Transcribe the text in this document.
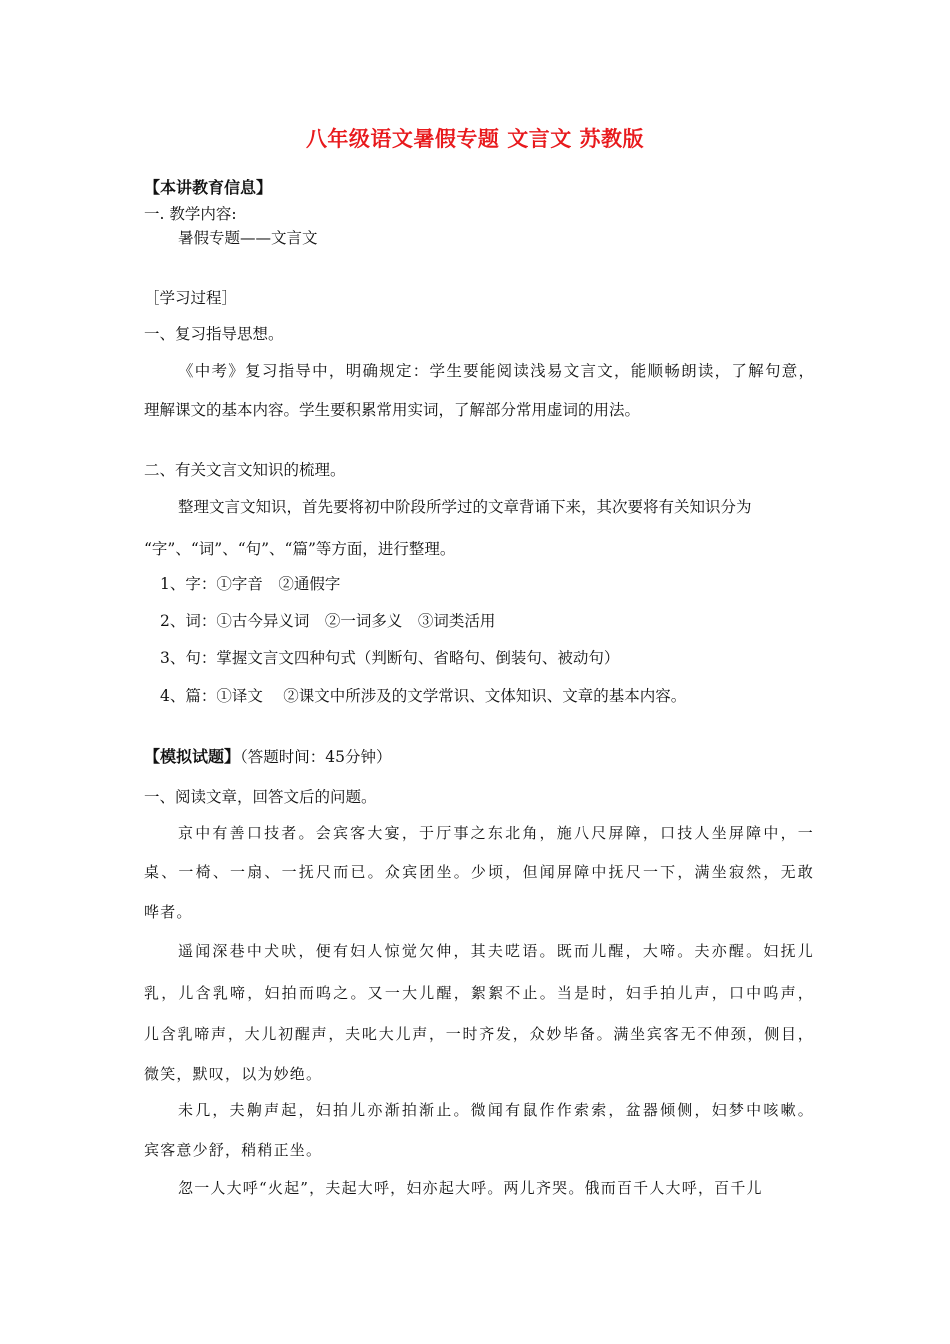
八年级语文暑假专题 文言文 苏教版
【本讲教育信息】
一. 教学内容:
暑假专题——文言文
［学习过程］
一、复习指导思想。
《中考》复习指导中，明确规定：学生要能阅读浅易文言文，能顺畅朗读，了解句意，
理解课文的基本内容。学生要积累常用实词，了解部分常用虚词的用法。
二、有关文言文知识的梳理。
整理文言文知识，首先要将初中阶段所学过的文章背诵下来，其次要将有关知识分为
“字”、“词”、“句”、“篇”等方面，进行整理。
1、字：①字音　②通假字
2、词：①古今异义词　②一词多义　③词类活用
3、句：掌握文言文四种句式（判断句、省略句、倒装句、被动句）
4、篇：①译文　 ②课文中所涉及的文学常识、文体知识、文章的基本内容。
【模拟试题】（答题时间：45分钟）
一、阅读文章，回答文后的问题。
京中有善口技者。会宾客大宴，于厅事之东北角，施八尺屏障，口技人坐屏障中，一
桌、一椅、一扇、一抚尺而已。众宾团坐。少顷，但闻屏障中抚尺一下，满坐寂然，无敢
哗者。
遥闻深巷中犬吠，便有妇人惊觉欠伸，其夫呓语。既而儿醒，大啼。夫亦醒。妇抚儿
乳，儿含乳啼，妇拍而呜之。又一大儿醒，絮絮不止。当是时，妇手拍儿声，口中呜声，
儿含乳啼声，大儿初醒声，夫叱大儿声，一时齐发，众妙毕备。满坐宾客无不伸颈，侧目，
微笑，默叹，以为妙绝。
未几，夫齁声起，妇拍儿亦渐拍渐止。微闻有鼠作作索索，盆器倾侧，妇梦中咳嗽。
宾客意少舒，稍稍正坐。
忽一人大呼“火起”，夫起大呼，妇亦起大呼。两儿齐哭。俄而百千人大呼，百千儿
